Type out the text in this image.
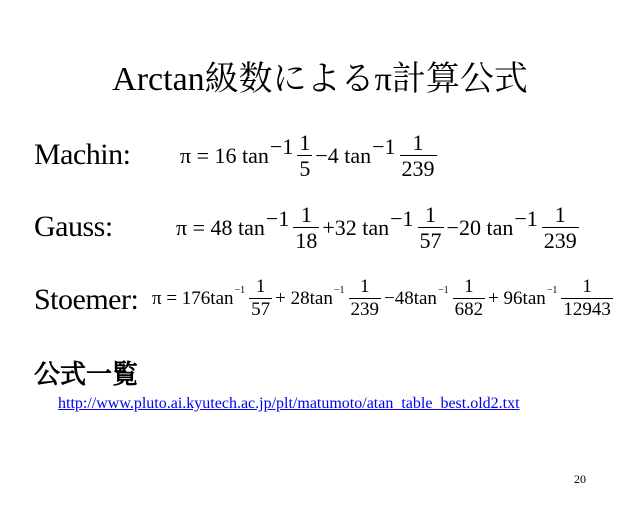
Arctan級数によるπ計算公式
Machin: π = 16 $\tan -1 \frac{1}{5} -4$ $\tan -1 \frac{1}{239}$
Gauss:	π = 48 $\tan -1 \frac{1}{18} +32$ $\tan -1 \frac{1}{57} -20$ $\tan -1 \frac{1}{239}$
Stoemer: $\pi = 176\tan -1 \frac{1}{57} + 28\tan -1 \frac{1}{239} -48\tan -1 \frac{1}{682} + 96\tan -1 \frac{1}{12943}$
公式一覧
http://www.pluto.ai.kyutech.ac.jp/plt/matumoto/atan_table_best.old2.txt
20
